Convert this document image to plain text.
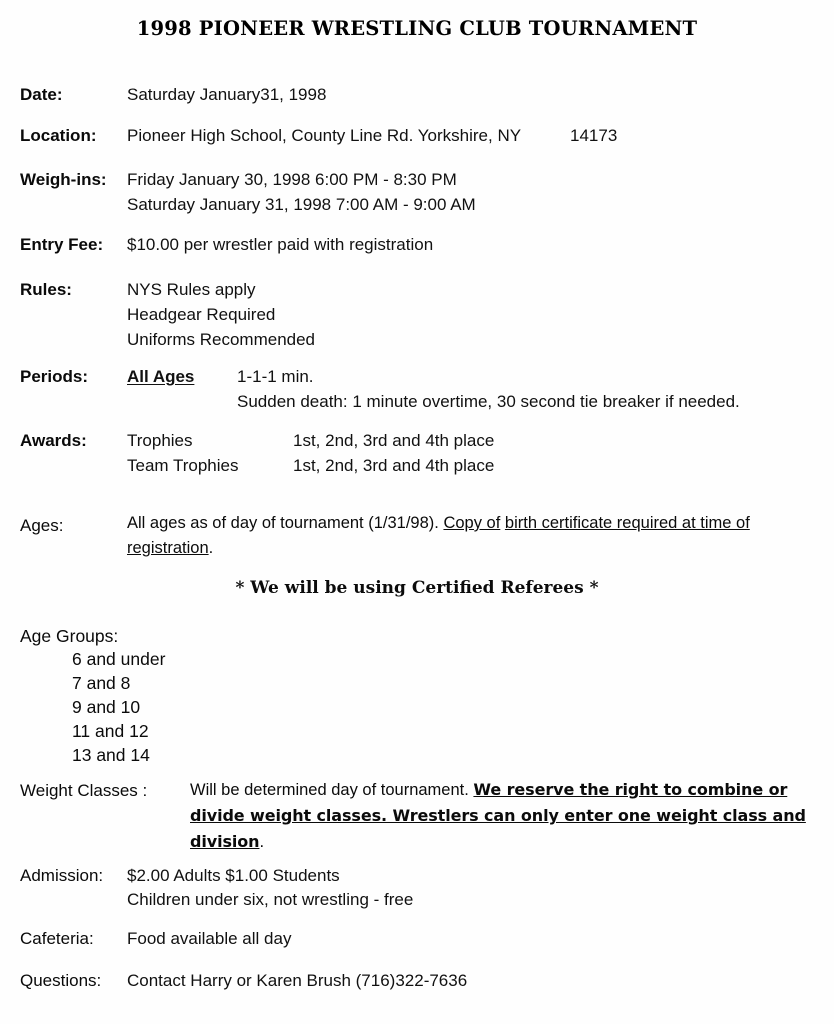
1998 PIONEER WRESTLING CLUB TOURNAMENT
Date:	Saturday January31, 1998
Location: Pioneer High School, County Line Rd. Yorkshire, NY	14173
Weigh-ins: Friday January 30, 1998 6:00 PM - 8:30 PM
Saturday January 31, 1998 7:00 AM - 9:00 AM
Entry Fee: $10.00 per wrestler paid with registration
Rules:	NYS Rules apply
Headgear Required
Uniforms Recommended
Periods: All Ages	1-1-1 min.
Sudden death: 1 minute overtime, 30 second tie breaker if needed.
Awards: Trophies	1st, 2nd, 3rd and 4th place
Team Trophies	1st, 2nd, 3rd and 4th place
Ages:	All ages as of day of tournament (1/31/98). Copy of birth certificate required at time of registration.
* We will be using Certified Referees *
Age Groups:
6 and under
7 and 8
9 and 10
11 and 12
13 and 14
Weight Classes :	Will be determined day of tournament. We reserve the right to combine or divide weight classes. Wrestlers can only enter one weight class and division.
Admission: $2.00 Adults $1.00 Students
Children under six, not wrestling - free
Cafeteria: Food available all day
Questions: Contact Harry or Karen Brush (716)322-7636
